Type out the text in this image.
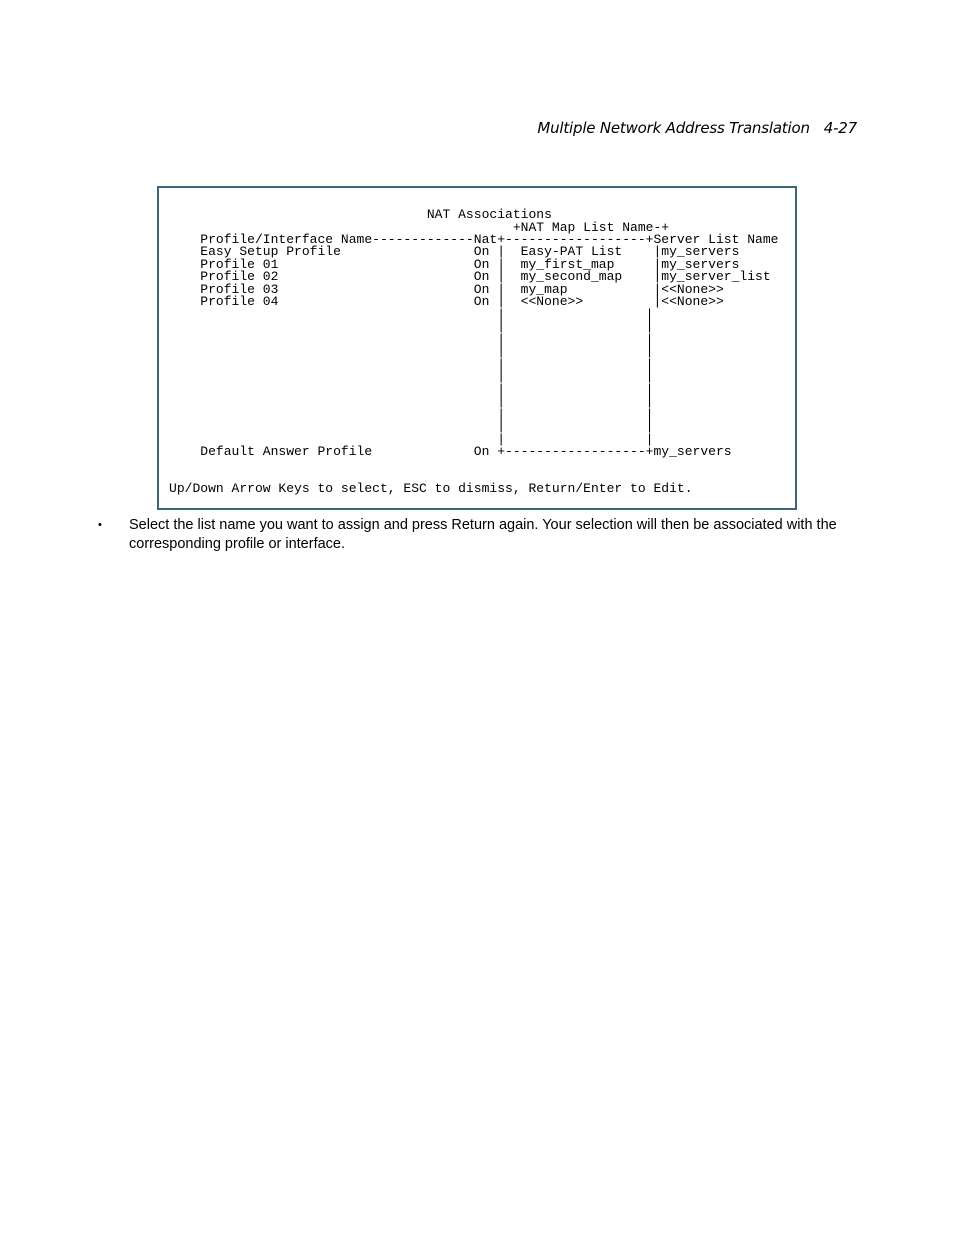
Multiple Network Address Translation 4-27
NAT Associations
+NAT Map List Name-+
Profile/Interface Name-------------Nat+------------------+Server List Name
Easy Setup Profile                 On |  Easy-PAT List    |my_servers
Profile 01                         On |  my_first_map     |my_servers
Profile 02                         On |  my_second_map    |my_server_list
Profile 03                         On |  my_map           |<<None>>
Profile 04                         On |  <<None>>         |<<None>>
|                  |
|                  |
|                  |
|                  |
|                  |
|                  |
|                  |
|                  |
|                  |
|                  |
|                  |
Default Answer Profile             On +------------------+my_servers
Up/Down Arrow Keys to select, ESC to dismiss, Return/Enter to Edit.
• Select the list name you want to assign and press Return again. Your selection will then be associated with the corresponding profile or interface.
